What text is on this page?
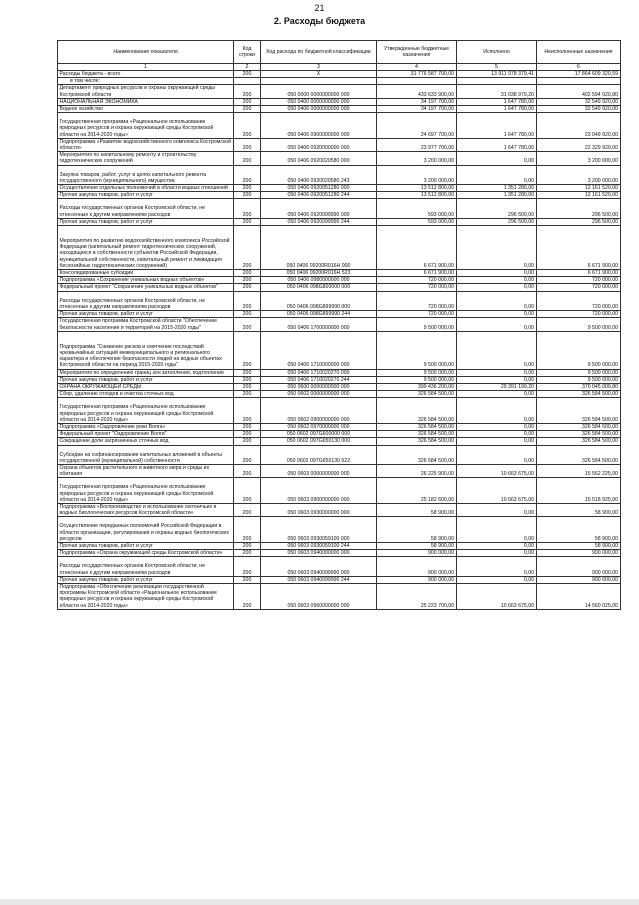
21
2. Расходы бюджета
Наименование показателя	Код строки	Код расхода по бюджетной классификации	Утвержденные бюджетные назначения	Исполнено	Неисполненные назначения
1	2	3	4	5	6
Расходы бюджета - всего	200	X	31 776 587 700,00	13 911 978 379,41	17 864 609 320,59
в том числе:					
Департамент природных ресурсов и охраны окружающей среды Костромской области	200	050 0000 0000000000 000	433 633 900,00	31 038 979,20	402 594 920,80
НАЦИОНАЛЬНАЯ ЭКОНОМИКА	200	050 0400 0000000000 000	34 197 700,00	1 647 780,00	32 549 920,00
Водное хозяйство	200	050 0406 0000000000 000	34 197 700,00	1 647 780,00	32 549 920,00
Государственная программа «Рациональное использование природных ресурсов и охрана окружающей среды Костромской области на 2014-2020 годы»	200	050 0406 0900000000 000	24 697 700,00	1 647 780,00	23 049 920,00
Подпрограмма «Развитие водохозяйственного комплекса Костромской области»	200	050 0406 0920000000 000	23 977 700,00	1 647 780,00	22 329 920,00
Мероприятия по капитальному ремонту и строительству гидротехнических сооружений	200	050 0406 0920020580 000	3 200 000,00	0,00	3 200 000,00
Закупка товаров, работ, услуг в целях капитального ремонта государственного (муниципального) имущества	200	050 0406 0920020580 243	3 200 000,00	0,00	3 200 000,00
Осуществление отдельных полномочий в области водных отношений	200	050 0406 0920051280 000	13 512 800,00	1 351 280,00	12 161 520,00
Прочая закупка товаров, работ и услуг	200	050 0406 0920051280 244	13 512 800,00	1 351 280,00	12 161 520,00
Расходы государственных органов Костромской области, не отнесенные к другим направлениям расходов	200	050 0406 0920099990 000	593 000,00	296 500,00	296 500,00
Прочая закупка товаров, работ и услуг	200	050 0406 0920099990 244	593 000,00	296 500,00	296 500,00
Мероприятия по развитию водохозяйственного комплекса Российской Федерации (капитальный ремонт гидротехнических сооружений, находящихся в собственности субъектов Российской Федерации, муниципальной собственности, капитальный ремонт и ликвидация бесхозяйных гидротехнических сооружений)	200	050 0406 09200R016H 000	6 671 900,00	0,00	6 671 900,00
Консолидированные субсидии	200	050 0406 09200R016H 523	6 671 900,00	0,00	6 671 900,00
Подпрограмма «Сохранение уникальных водных объектов»	200	050 0406 0980000000 000	720 000,00	0,00	720 000,00
Федеральный проект "Сохранение уникальных водных объектов"	200	050 0406 098G800000 000	720 000,00	0,00	720 000,00
Расходы государственных органов Костромской области, не отнесенные к другим направлениям расходов	200	050 0406 098G899990 000	720 000,00	0,00	720 000,00
Прочая закупка товаров, работ и услуг	200	050 0406 098G899990 244	720 000,00	0,00	720 000,00
Государственная программа Костромской области "Обеспечение безопасности населения и территорий на 2015-2020 годы"	200	050 0406 1700000000 000	9 500 000,00	0,00	9 500 000,00
Подпрограмма "Снижение рисков и смягчение последствий чрезвычайных ситуаций межмуниципального и регионального характера и обеспечение безопасности людей на водных объектах Костромской области на период 2015-2020 годы"	200	050 0406 1710000000 000	9 500 000,00	0,00	9 500 000,00
Мероприятия по определению границ зон затопления, подтопления	200	050 0406 1710020270 000	9 500 000,00	0,00	9 500 000,00
Прочая закупка товаров, работ и услуг	200	050 0406 1710020270 244	9 500 000,00	0,00	9 500 000,00
ОХРАНА ОКРУЖАЮЩЕЙ СРЕДЫ	200	050 0600 0000000000 000	399 436 200,00	29 391 199,20	370 045 000,80
Сбор, удаление отходов и очистка сточных вод	200	050 0602 0000000000 000	326 584 500,00	0,00	326 584 500,00
Государственная программа «Рациональное использование природных ресурсов и охрана окружающей среды Костромской области на 2014-2020 годы»	200	050 0602 0900000000 000	326 584 500,00	0,00	326 584 500,00
Подпрограмма «Оздоровление реки Волга»	200	050 0602 0970000000 000	326 584 500,00	0,00	326 584 500,00
Федеральный проект "Оздоровление Волги"	200	050 0602 097G600000 000	326 584 500,00	0,00	326 584 500,00
Сокращение доли загрязненных сточных вод	200	050 0602 097G650130 000	326 584 500,00	0,00	326 584 500,00
Субсидии на софинансирование капитальных вложений в объекты государственной (муниципальной) собственности	200	050 0602 097G650130 522	326 584 500,00	0,00	326 584 500,00
Охрана объектов растительного и животного мира и среды их обитания	200	050 0603 0000000000 000	26 225 900,00	10 663 675,00	15 562 225,00
Государственная программа «Рациональное использование природных ресурсов и охрана окружающей среды Костромской области на 2014-2020 годы»	200	050 0603 0900000000 000	25 182 600,00	10 663 675,00	15 518 925,00
Подпрограмма «Воспроизводство и использование охотничьих и водных биологических ресурсов Костромской области»	200	050 0603 0930000000 000	58 900,00	0,00	58 900,00
Осуществление переданных полномочий Российской Федерации в области организации, регулирования и охраны водных биологических ресурсов	200	050 0603 0930059100 000	58 900,00	0,00	58 900,00
Прочая закупка товаров, работ и услуг	200	050 0603 0930059100 244	58 900,00	0,00	58 900,00
Подпрограмма «Охрана окружающей среды Костромской области»	200	050 0603 0940000000 000	900 000,00	0,00	900 000,00
Расходы государственных органов Костромской области, не отнесенные к другим направлениям расходов	200	050 0603 0940099990 000	900 000,00	0,00	900 000,00
Прочая закупка товаров, работ и услуг	200	050 0603 0940099990 244	900 000,00	0,00	900 000,00
Подпрограмма «Обеспечение реализации государственной программы Костромской области «Рациональное использование природных ресурсов и охрана окружающей среды Костромской области на 2014-2020 годы»	200	050 0603 0960000000 000	25 223 700,00	10 663 675,00	14 560 025,00
